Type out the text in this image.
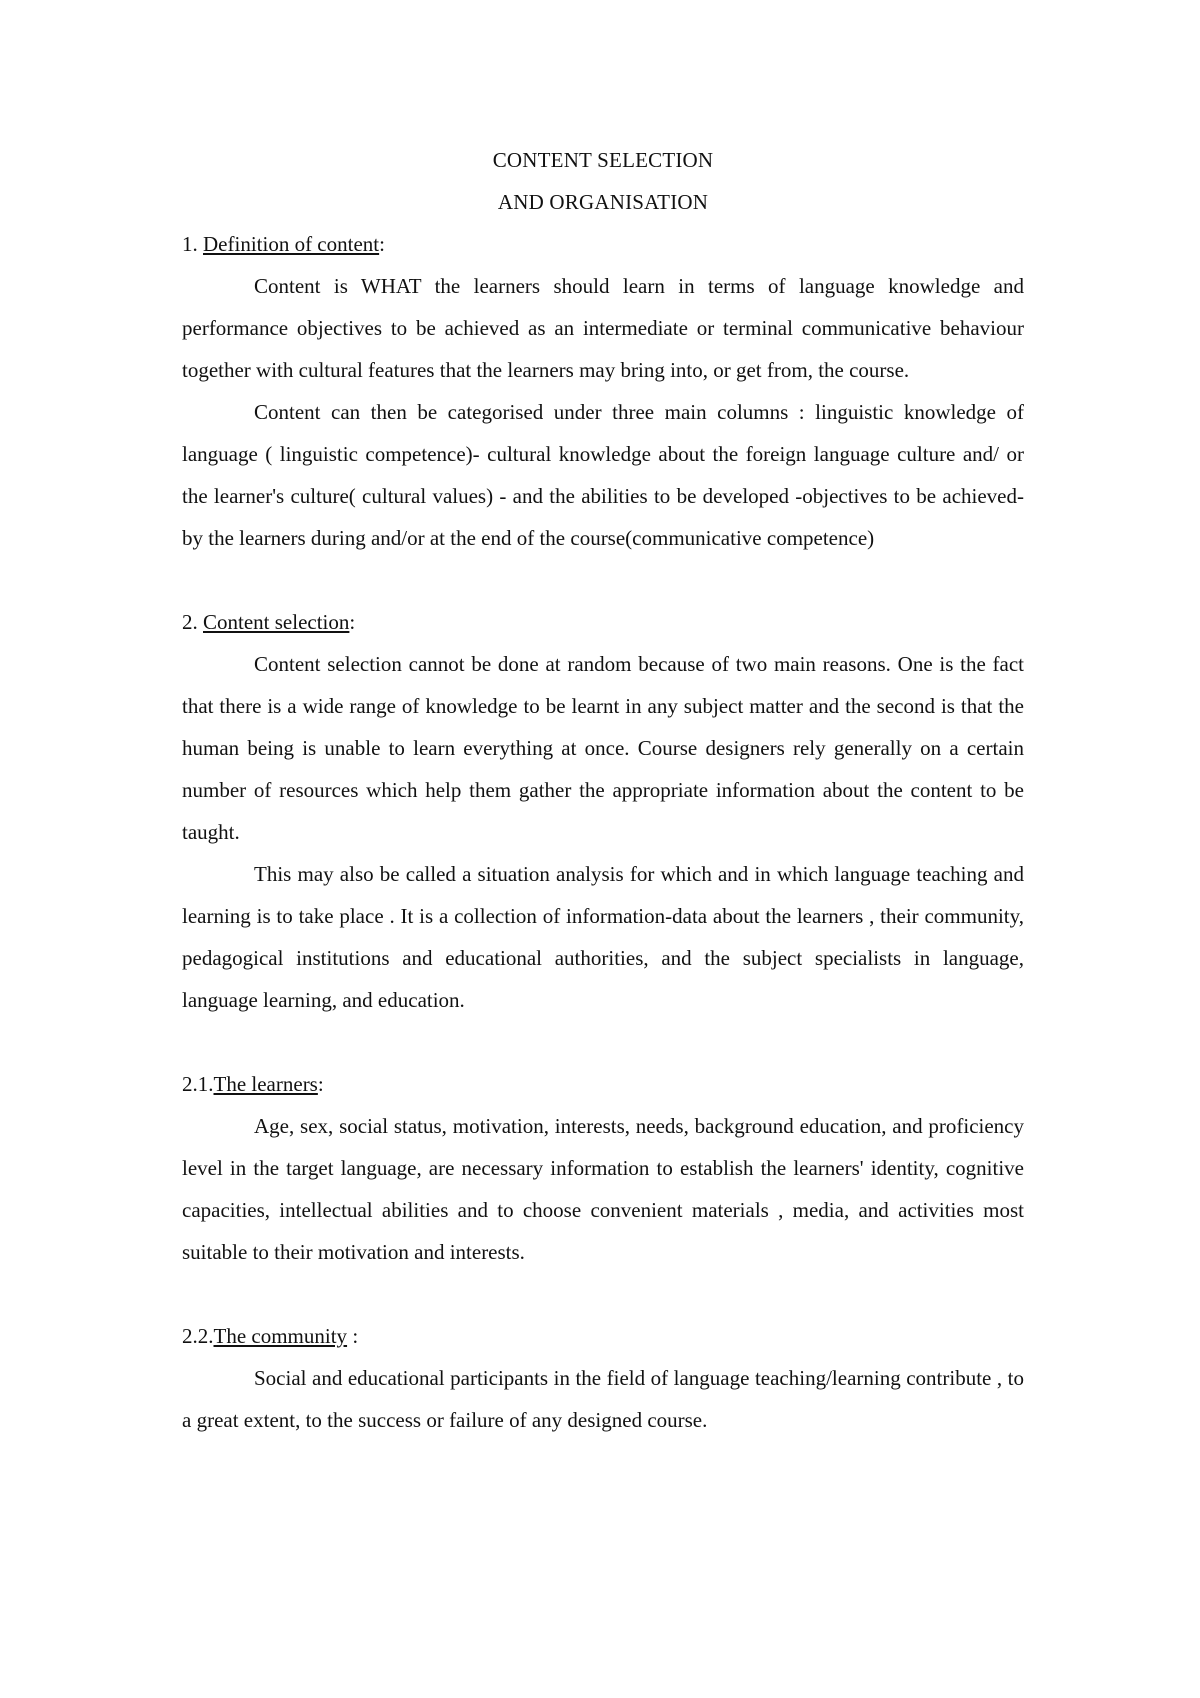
CONTENT SELECTION

AND ORGANISATION

1. Definition of content:

Content is WHAT the learners should learn in terms of language knowledge and performance objectives to be achieved as an intermediate or terminal communicative behaviour together with cultural features that the learners may bring into, or get from, the course.

Content can then be categorised under three main columns : linguistic knowledge of language ( linguistic competence)- cultural knowledge about the foreign language culture and/ or the learner's culture( cultural values) - and the abilities to be developed -objectives to be achieved- by the learners during and/or at the end of the course(communicative competence)

2. Content selection:

Content selection cannot be done at random because of two main reasons. One is the fact that there is a wide range of knowledge to be learnt in any subject matter and the second is that the human being is unable to learn everything at once. Course designers rely generally on a certain number of resources which help them gather the appropriate information about the content to be taught.

This may also be called a situation analysis for which and in which language teaching and learning is to take place . It is a collection of information-data about the learners , their community, pedagogical institutions and educational authorities, and the subject specialists in language, language learning, and education.

2.1.The learners:

Age, sex, social status, motivation, interests, needs, background education, and proficiency level in the target language, are necessary information to establish the learners' identity, cognitive capacities, intellectual abilities and to choose convenient materials , media, and activities most suitable to their motivation and interests.

2.2.The community :

Social and educational participants in the field of language teaching/learning contribute , to a great extent, to the success or failure of any designed course.
